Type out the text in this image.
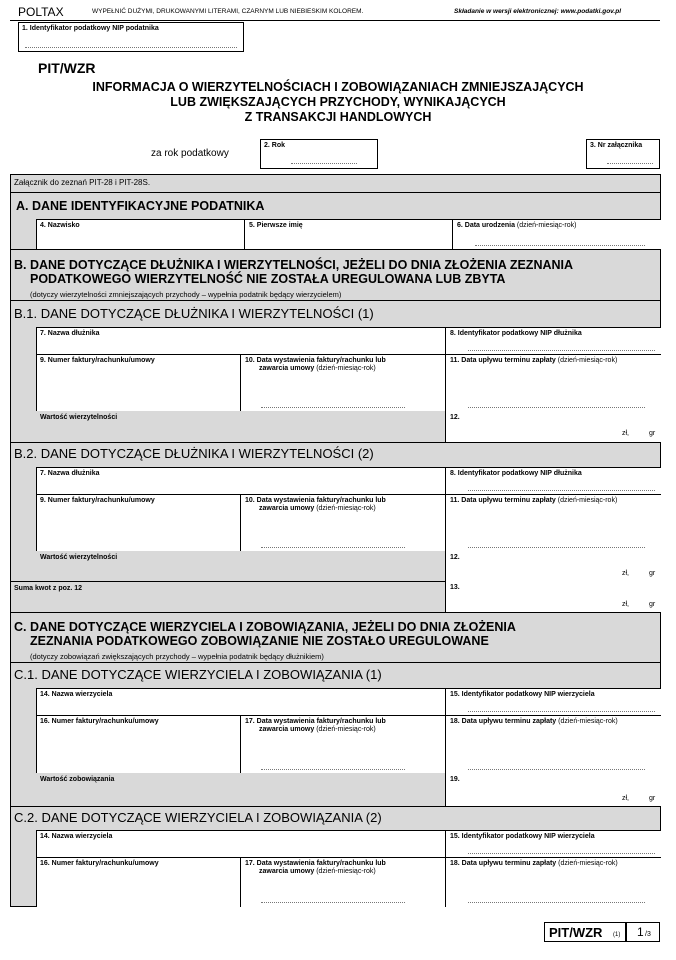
POLTAX	WYPEŁNIĆ DUŻYMI, DRUKOWANYMI LITERAMI, CZARNYM LUB NIEBIESKIM KOLOREM.	Składanie w wersji elektronicznej: www.podatki.gov.pl
1. Identyfikator podatkowy NIP podatnika
PIT/WZR
INFORMACJA O WIERZYTELNOŚCIACH I ZOBOWIĄZANIACH ZMNIEJSZAJĄCYCH
LUB ZWIĘKSZAJĄCYCH PRZYCHODY, WYNIKAJĄCYCH
Z TRANSAKCJI HANDLOWYCH
za rok podatkowy
2. Rok	3. Nr załącznika
Załącznik do zeznań PIT-28 i PIT-28S.
A. DANE IDENTYFIKACYJNE PODATNIKA
4. Nazwisko	5. Pierwsze imię	6. Data urodzenia (dzień-miesiąc-rok)
B. DANE DOTYCZĄCE DŁUŻNIKA I WIERZYTELNOŚCI, JEŻELI DO DNIA ZŁOŻENIA ZEZNANIA
PODATKOWEGO WIERZYTELNOŚĆ NIE ZOSTAŁA UREGULOWANA LUB ZBYTA
(dotyczy wierzytelności zmniejszających przychody – wypełnia podatnik będący wierzycielem)
B.1. DANE DOTYCZĄCE DŁUŻNIKA I WIERZYTELNOŚCI (1)
7. Nazwa dłużnika	8. Identyfikator podatkowy NIP dłużnika
9. Numer faktury/rachunku/umowy	10. Data wystawienia faktury/rachunku lub
zawarcia umowy (dzień-miesiąc-rok)
11. Data upływu terminu zapłaty (dzień-miesiąc-rok)
Wartość wierzytelności	12.
zł,	gr
B.2. DANE DOTYCZĄCE DŁUŻNIKA I WIERZYTELNOŚCI (2)
7. Nazwa dłużnika	8. Identyfikator podatkowy NIP dłużnika
9. Numer faktury/rachunku/umowy	10. Data wystawienia faktury/rachunku lub
zawarcia umowy (dzień-miesiąc-rok)
11. Data upływu terminu zapłaty (dzień-miesiąc-rok)
Wartość wierzytelności	12.
zł,	gr
Suma kwot z poz. 12	13.
zł,	gr
C. DANE DOTYCZĄCE WIERZYCIELA I ZOBOWIĄZANIA, JEŻELI DO DNIA ZŁOŻENIA
ZEZNANIA PODATKOWEGO ZOBOWIĄZANIE NIE ZOSTAŁO UREGULOWANE
(dotyczy zobowiązań zwiększających przychody – wypełnia podatnik będący dłużnikiem)
C.1. DANE DOTYCZĄCE WIERZYCIELA I ZOBOWIĄZANIA (1)
14. Nazwa wierzyciela	15. Identyfikator podatkowy NIP wierzyciela
16. Numer faktury/rachunku/umowy	17. Data wystawienia faktury/rachunku lub
zawarcia umowy (dzień-miesiąc-rok)
18. Data upływu terminu zapłaty (dzień-miesiąc-rok)
Wartość zobowiązania	19.
zł,	gr
C.2. DANE DOTYCZĄCE WIERZYCIELA I ZOBOWIĄZANIA (2)
14. Nazwa wierzyciela	15. Identyfikator podatkowy NIP wierzyciela
16. Numer faktury/rachunku/umowy	17. Data wystawienia faktury/rachunku lub
zawarcia umowy (dzień-miesiąc-rok)
18. Data upływu terminu zapłaty (dzień-miesiąc-rok)
PIT/WZR (1) 1 /3
